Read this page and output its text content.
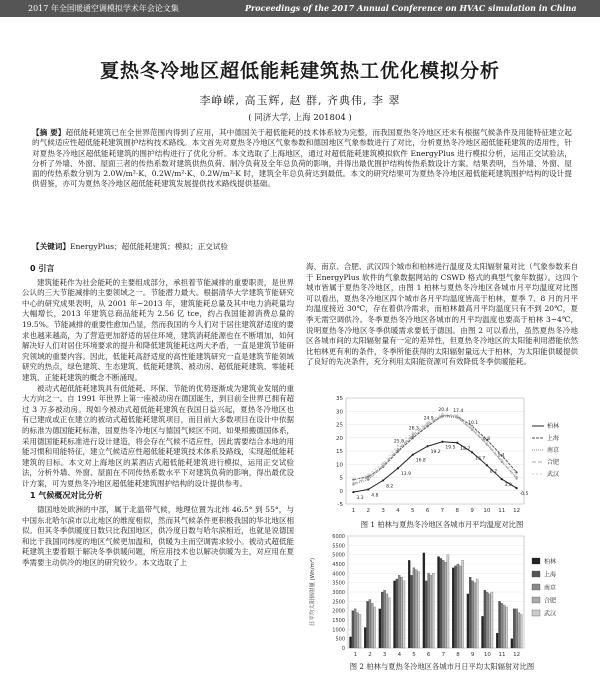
2017 年全国暖通空调模拟学术年会论文集	Proceedings of the 2017 Annual Conference on HVAC simulation in China
夏热冬冷地区超低能耗建筑热工优化模拟分析
李峥嵘, 高玉辉, 赵 群, 齐典伟, 李 翠
( 同济大学, 上海 201804 )
【摘 要】超低能耗建筑已在全世界范围内得到了应用，其中德国关于超低能耗的技术体系较为完整，而我国夏热冬冷地区还未有根据气候条件及用能特征建立起的气候适应性超低能耗建筑围护结构技术路线。本文首先对夏热冬冷地区气象参数和德国地区气象参数进行了对比，分析夏热冬冷地区超低能耗建筑的适用性，针对夏热冬冷地区超低能耗建筑的围护结构进行了优化分析。本文选取了上海地区，通过对超低能耗建筑模拟软件 EnergyPlus 进行模拟分析，运用正交试验法，分析了外墙、外窗、屋面三者的传热系数对建筑供热负荷、制冷负荷及全年总负荷的影响，并得出最优围护结构传热系数设计方案。结果表明，当外墙、外窗、屋面的传热系数分别为 2.0W/m²·K、0.2W/m²·K、0.2W/m²·K 时，建筑全年总负荷达到最低。本文的研究结果可为夏热冬冷地区超低能耗建筑围护结构的设计提供借鉴，亦可为夏热冬冷地区超低能耗建筑发展提供技术路线提供基础。
【关键词】EnergyPlus；超低能耗建筑；模拟；正交试验
0 引言

建筑能耗作为社会能耗的主要组成部分，承担着节能减排的重要职责，是世界公认的三大节能减排的主要领域之一。节能潜力最大。根据清华大学建筑节能研究中心的研究成果表明，从 2001 年~2013 年，建筑能耗总量及其中电力消耗量均大幅增长，2013 年建筑总商品能耗为 2.56 亿 tce，约占我国能源消费总量的 19.5%。节能减排的重要性愈加凸显，然而我国的今人们对于居住建筑舒适度的要求也越来越高，为了营造更加舒适的居住环境，建筑消耗能源也在不断增加，如何解决好人们对居住环境要求的提升和降低建筑能耗这两大矛盾，一直是建筑节能研究领域的重要内容。因此，低能耗高舒适度的高性能建筑研究一直是建筑节能领域研究的热点，绿色建筑、生态建筑、低能耗建筑、被动房、超低能耗建筑、零能耗建筑、正能耗建筑的概念不断涌现。

被动式超低能耗建筑具有低能耗、环保、节能的优势逐渐成为建筑业发展的重大方向之一。自 1991 年世界上第一座被动房在德国诞生，到目前全世界已拥有超过 3 万多被动房。现如今被动式超低能耗建筑在我国日益兴起，夏热冬冷地区也有已建成或正在建立的被动式超低能耗建筑项目，而目前大多数项目在设计中依据的标准为德国能耗标准，国夏热冬冷地区与德国气候区不同。如果照搬德国体系，采用德国能耗标准进行设计建造，将会存在气候不适应性，因此需要结合本地的用能习惯和用能特征，建立气候适应性超低能耗建筑技术体系及路线，实现超低能耗建筑的目标。本文对上海地区的某酒店式超低能耗建筑进行模拟，运用正交试验法，分析外墙、外窗、屋面在不同传热系数水平下对建筑负荷的影响，得出最优设计方案，可为夏热冬冷地区超低能耗建筑围护结构的设计提供参考。

1 气候概况对比分析

德国地处欧洲的中部，属于北温带气候，地理位置为北纬 46.5° 到 55°，与中国东北哈尔滨市以北地区的维度相似，然而其气候条件更积极我国的华北地区相似。但其冬季供暖度日数只比我国地区，供冷度日数与哈尔滨相近，也就是说德国和比于我国同纬度的地区气候更加温和，供暖为主而空调需求较小。被动式超低能耗建筑主要着眼于解决冬季供暖问题，所应用技术也以解决供暖为主，对应用在夏季需要主动供冷的地区的研究较少。本文选取了上

海、南京、合肥、武汉四个城市和柏林进行温度及太阳辐射量对比（气象参数来自于 EnergyPlus 软件的气象数据网站的 CSWD 格式的典型气象年数据）。这四个城市皆属于夏热冬冷地区，由图 1 柏林与夏热冬冷地区各城市月平均温度对比图可以看出，夏热冬冷地区四个城市各月平均温度皆高于柏林，夏季 7、8 月的月平均温度接近 30℃，存在着供冷需求，而柏林最高月平均温度只有不到 20℃，夏季无需空调供冷。冬季夏热冬冷地区各城市的月平均温度也要高于柏林 3~4℃，说明夏热冬冷地区冬季供暖需求要低于德国。由图 2 可以看出，虽然夏热冬冷地区各城市间的太阳辐射量有一定的差异性，但夏热冬冷地区的太阳能利用潜能依然比柏林更有利的条件，冬季所能获得的太阳辐射量远大于柏林，为太阳能供暖提供了良好的先决条件，充分利用太阳能资源可有效降低冬季供暖能耗。

-5
0
5
10
15
20
25
30
35
1 2 3 4 5 6 7 8 9 10 11 12
3.3
4.8
8.2
13.9
16.8
19.2
19.5 18.7
13.7
8.2
3.0
-0.5
25.8
26.3
24.9
20.4 17.4
10.1
6.8
5.1
柏林
上海
南京
合肥
武汉
图 1 柏林与夏热冬冷地区各城市月平均温度对比图
0
500
1000
1500
2000
2500
3000
3500
4000
4500
5000
5500
6000
日平均太阳辐射量 (Wh/m²)
1 2 3 4 5 6 7 8 9 10 11 12
柏林
上海
南京
合肥
武汉
图 2 柏林与夏热冬冷地区各城市月日平均太阳辐射对比图
